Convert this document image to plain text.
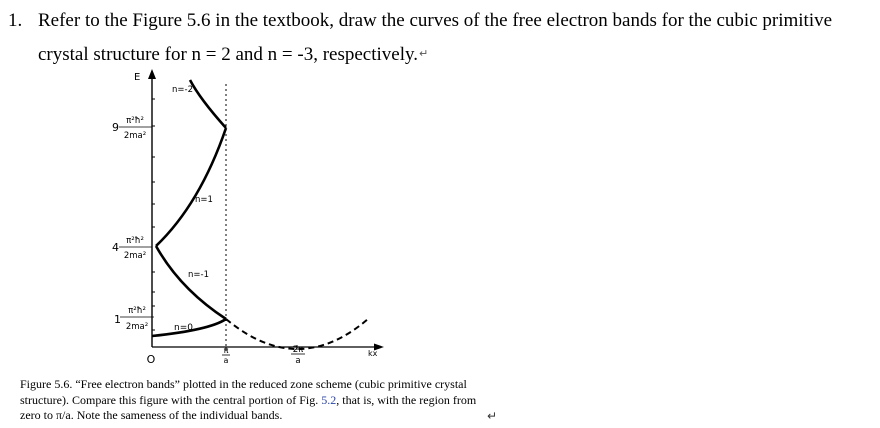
1. Refer to the Figure 5.6 in the textbook, draw the curves of the free electron bands for the cubic primitive
crystal structure for n = 2 and n = -3, respectively.↵
E
O	kx
9 π²ħ²
2ma²
4 π²ħ²
2ma²
1
π²ħ²
2ma²
π
a
2π
a
n=-2
n=1
n=-1
n=0
Figure 5.6. “Free electron bands” plotted in the reduced zone scheme (cubic primitive crystal structure). Compare this figure with the central portion of Fig. 5.2, that is, with the region from zero to π/a. Note the sameness of the individual bands.	↵
